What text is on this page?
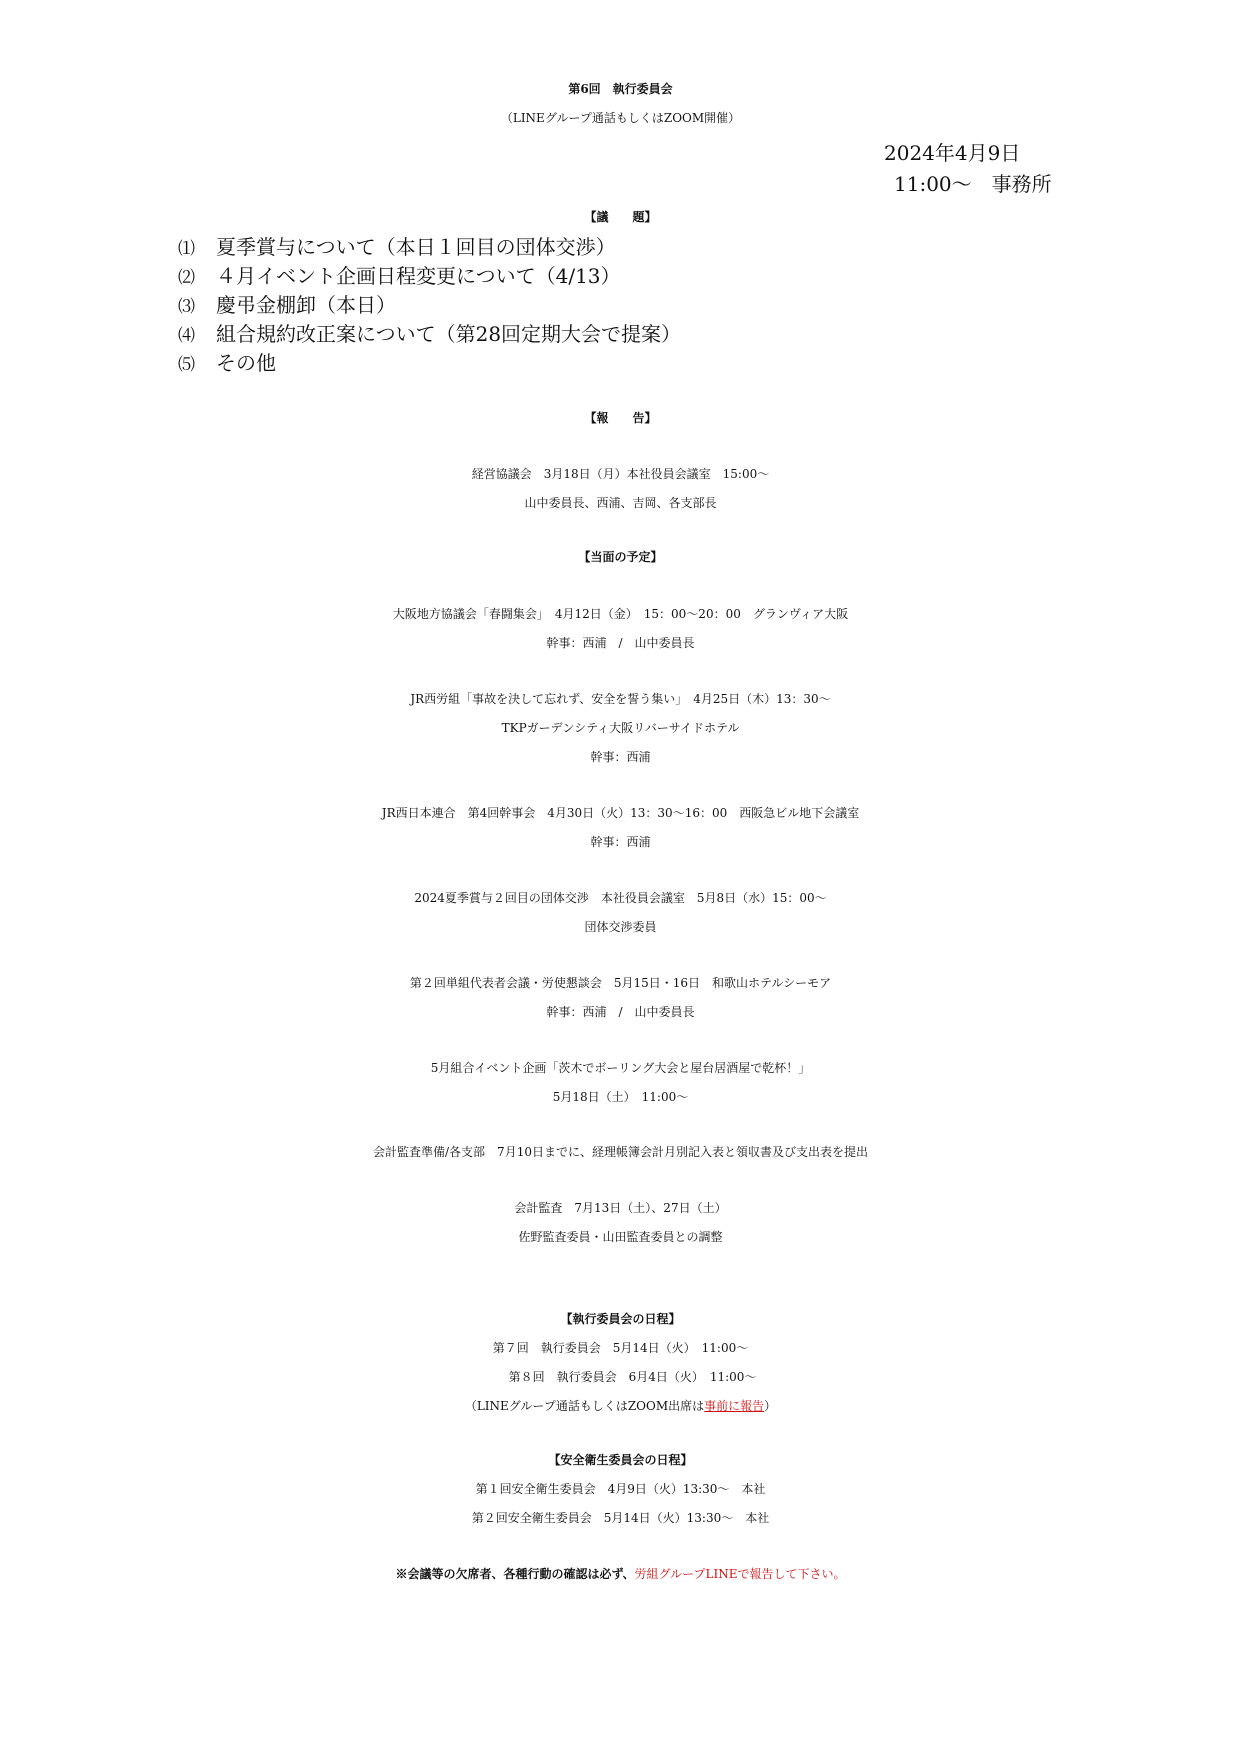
第6回　執行委員会
（LINEグループ通話もしくはZOOM開催）
2024年4月9日
11:00～　事務所
【議　　題】
⑴ 夏季賞与について（本日１回目の団体交渉）
⑵ ４月イベント企画日程変更について（4/13）
⑶ 慶弔金棚卸（本日）
⑷ 組合規約改正案について（第28回定期大会で提案）
⑸ その他
【報　　告】
経営協議会　3月18日（月）本社役員会議室　15:00～
山中委員長、西浦、吉岡、各支部長
【当面の予定】
大阪地方協議会「春闘集会」　4月12日（金）　15：00～20：00　グランヴィア大阪
幹事：西浦　/　山中委員長
JR西労組「事故を決して忘れず、安全を誓う集い」　4月25日（木）13：30～
TKPガーデンシティ大阪リバーサイドホテル
幹事：西浦
JR西日本連合　第4回幹事会　4月30日（火）13：30～16：00　西阪急ビル地下会議室
幹事：西浦
2024夏季賞与２回目の団体交渉　本社役員会議室　5月8日（水）15：00～
団体交渉委員
第２回単組代表者会議・労使懇談会　5月15日・16日　和歌山ホテルシーモア
幹事：西浦　/　山中委員長
5月組合イベント企画「茨木でボーリング大会と屋台居酒屋で乾杯！」
5月18日（土）　11:00～
会計監査準備/各支部　7月10日までに、経理帳簿会計月別記入表と領収書及び支出表を提出
会計監査　7月13日（土）、27日（土）
佐野監査委員・山田監査委員との調整
【執行委員会の日程】
第７回　執行委員会　5月14日（火）　11:00～
第８回　執行委員会　6月4日（火）　11:00～
（LINEグループ通話もしくはZOOM出席は事前に報告）
【安全衛生委員会の日程】
第１回安全衛生委員会　4月9日（火）13:30～　本社
第２回安全衛生委員会　5月14日（火）13:30～　本社
※会議等の欠席者、各種行動の確認は必ず、労組グループLINEで報告して下さい。
